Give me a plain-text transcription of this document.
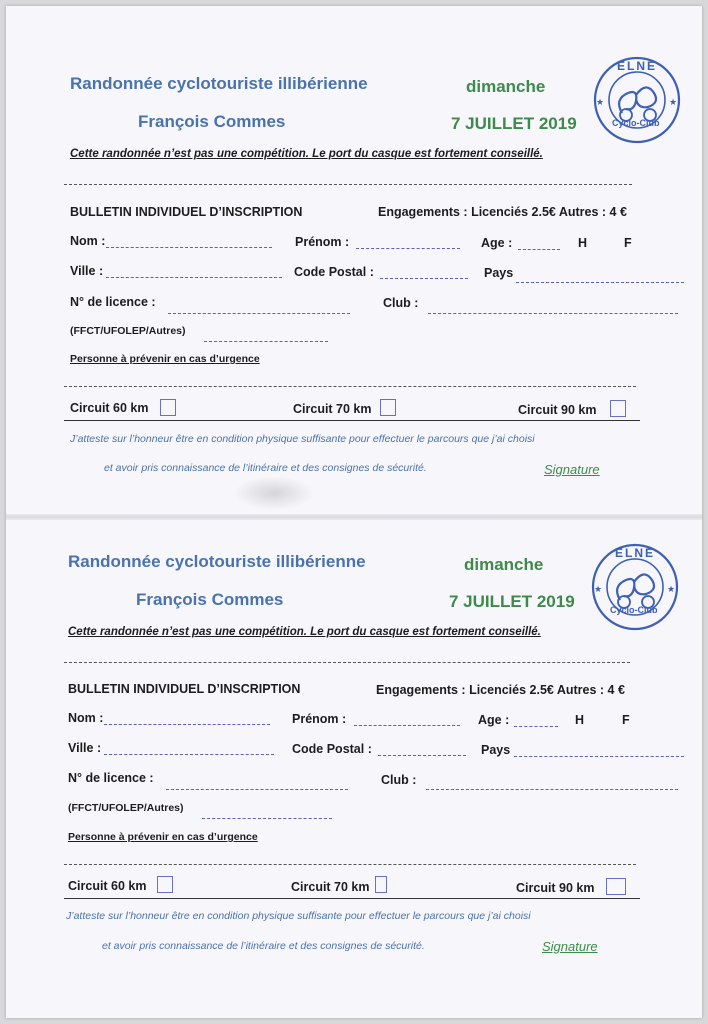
Randonnée cyclotouriste illibérienne
François Commes
dimanche
7 JUILLET 2019
★	★
ELNE
Cyclo-Club
Cette randonnée n’est pas une compétition. Le port du casque est fortement conseillé.
BULLETIN INDIVIDUEL D’INSCRIPTION	Engagements : Licenciés 2.5€ Autres : 4 €
Nom :	Prénom :	Age :	H	F
Ville :	Code Postal :	Pays
N° de licence :	Club :
(FFCT/UFOLEP/Autres)
Personne à prévenir en cas d’urgence
Circuit 60 km	Circuit 70 km	Circuit 90 km
J’atteste sur l’honneur être en condition physique suffisante pour effectuer le parcours que j’ai choisi
et avoir pris connaissance de l’itinéraire et des consignes de sécurité.	Signature
Randonnée cyclotouriste illibérienne
François Commes
dimanche
7 JUILLET 2019
★	★
ELNE
Cyclo-Club
Cette randonnée n’est pas une compétition. Le port du casque est fortement conseillé.
BULLETIN INDIVIDUEL D’INSCRIPTION	Engagements : Licenciés 2.5€ Autres : 4 €
Nom :	Prénom :	Age :	H	F
Ville :	Code Postal :	Pays
N° de licence :	Club :
(FFCT/UFOLEP/Autres)
Personne à prévenir en cas d’urgence
Circuit 60 km	Circuit 70 km	Circuit 90 km
J’atteste sur l’honneur être en condition physique suffisante pour effectuer le parcours que j’ai choisi
et avoir pris connaissance de l’itinéraire et des consignes de sécurité.	Signature
